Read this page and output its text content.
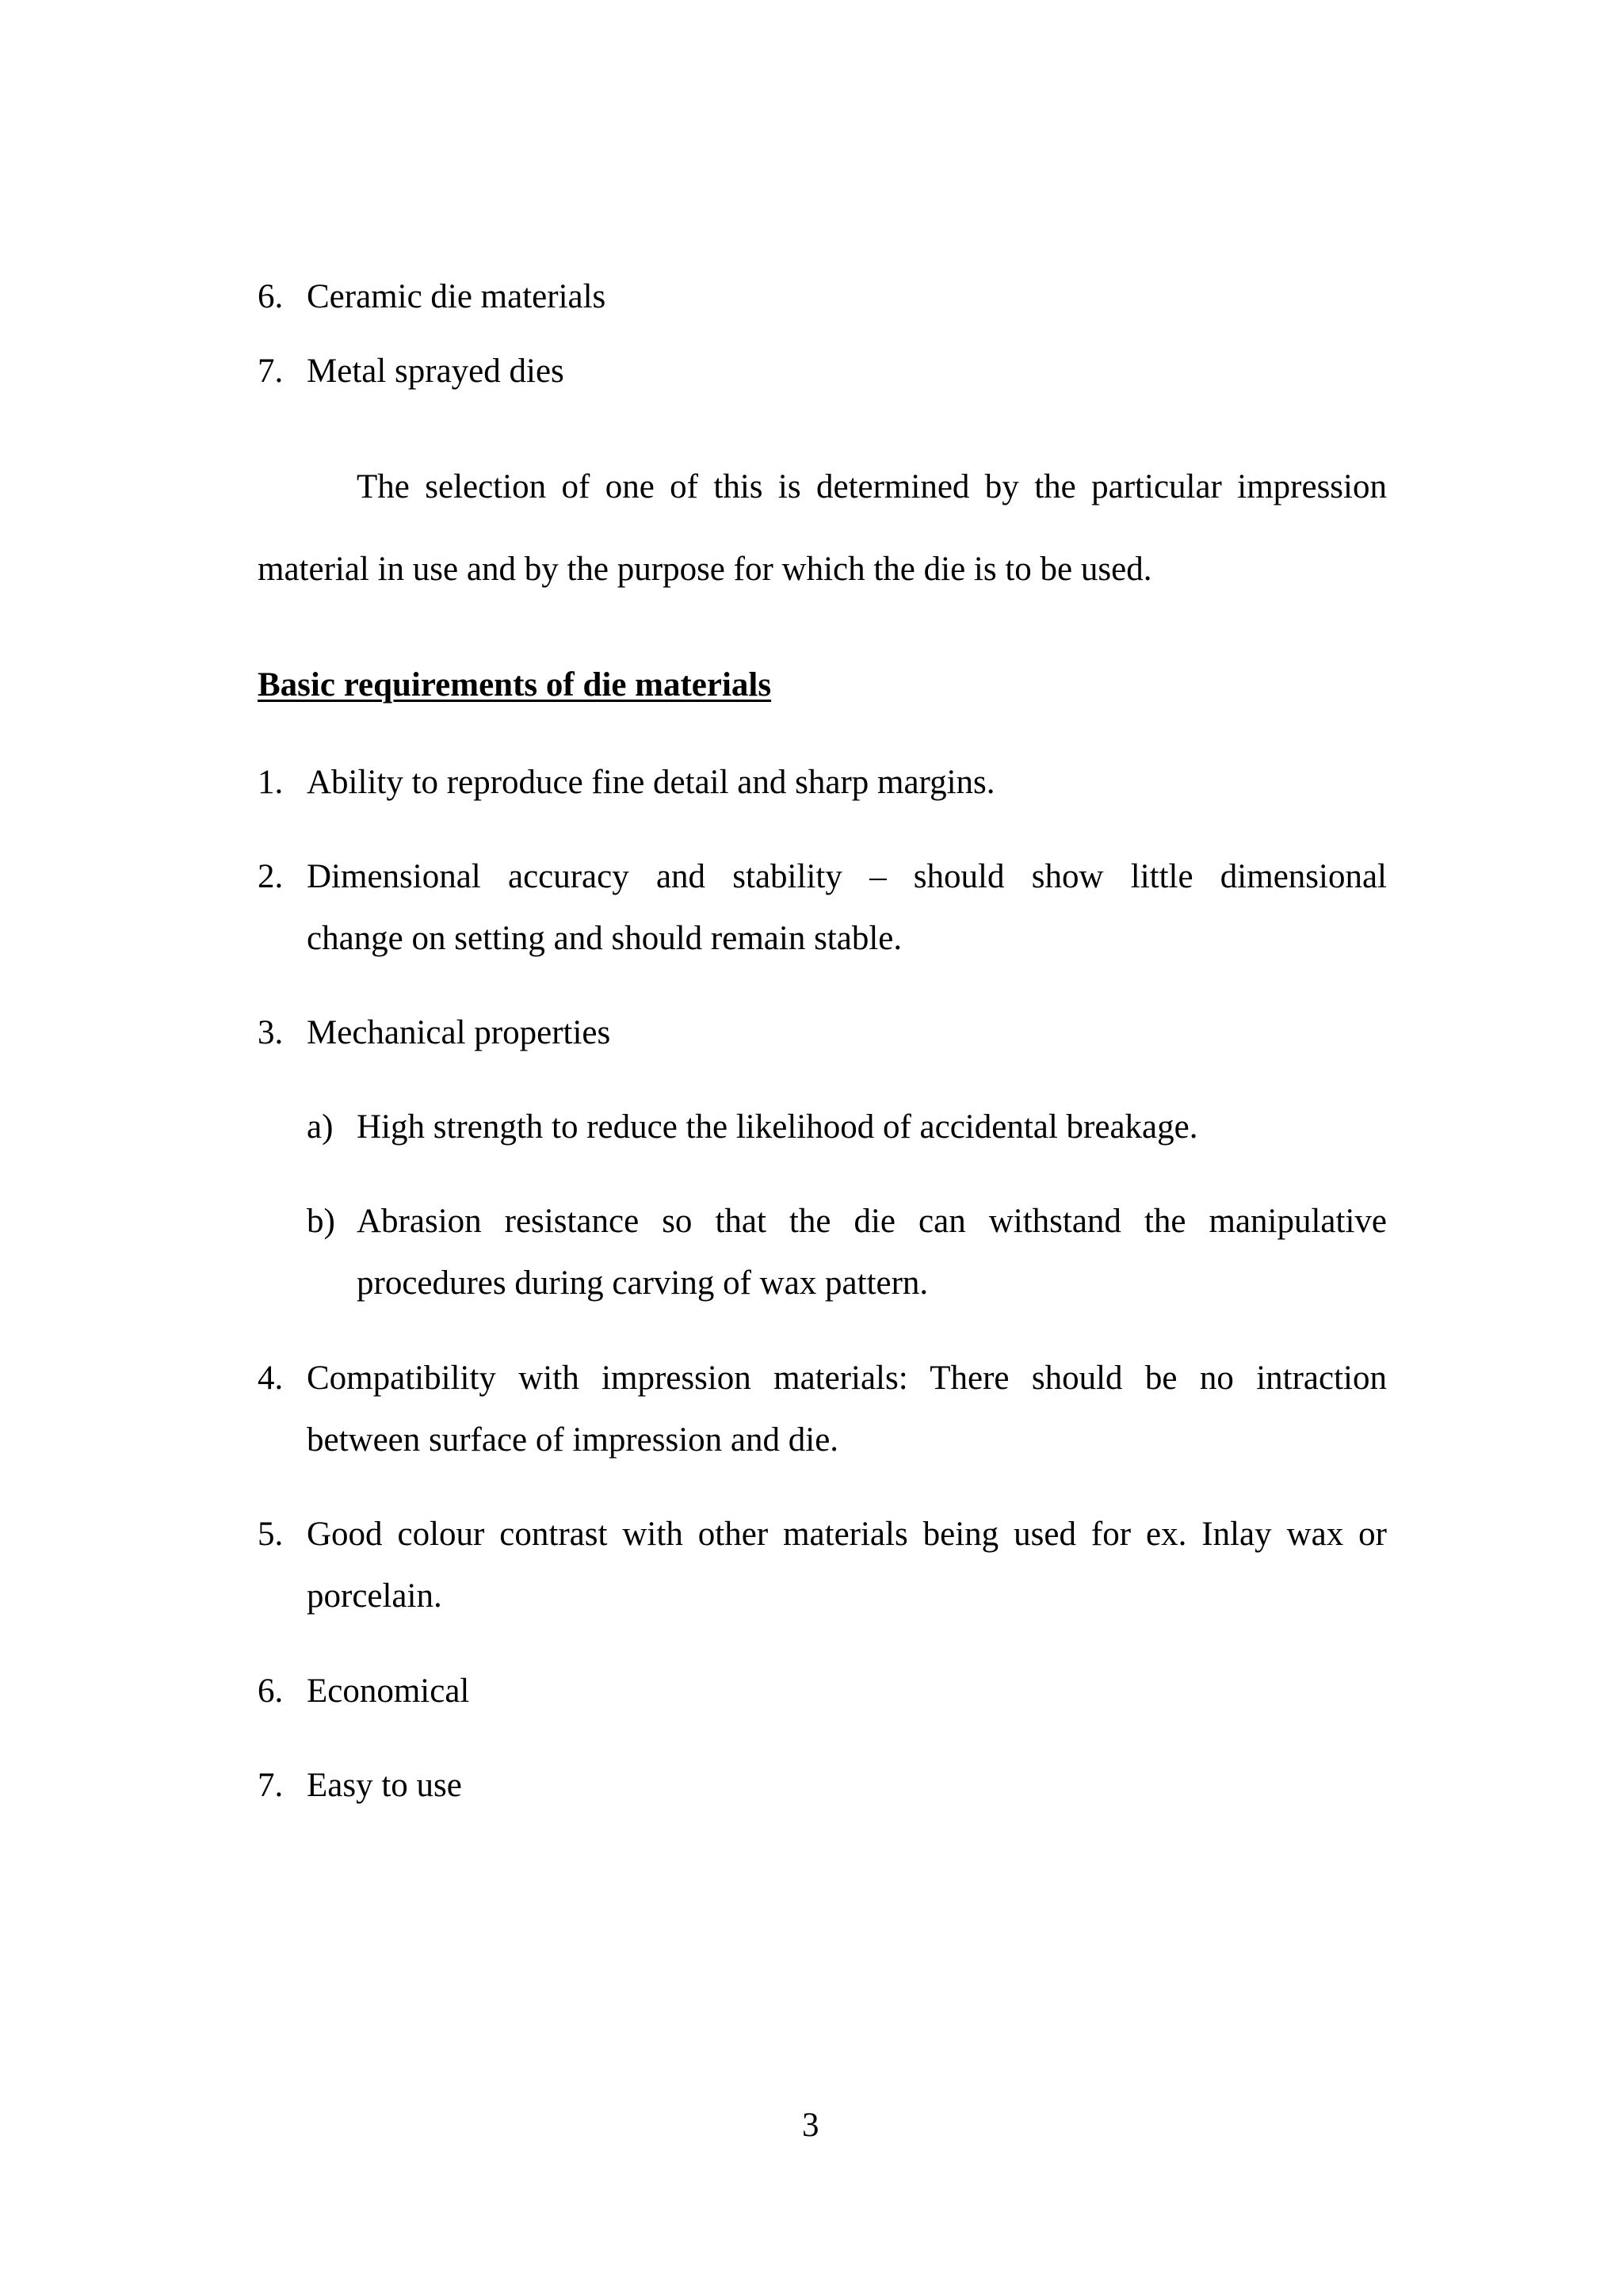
6. Ceramic die materials
7. Metal sprayed dies
The selection of one of this is determined by the particular impression
material in use and by the purpose for which the die is to be used.
Basic requirements of die materials
1. Ability to reproduce fine detail and sharp margins.
2. Dimensional accuracy and stability – should show little dimensional
change on setting and should remain stable.
3. Mechanical properties
a) High strength to reduce the likelihood of accidental breakage.
b) Abrasion resistance so that the die can withstand the manipulative
procedures during carving of wax pattern.
4. Compatibility with impression materials: There should be no intraction
between surface of impression and die.
5. Good colour contrast with other materials being used for ex. Inlay wax or
porcelain.
6. Economical
7. Easy to use
3
